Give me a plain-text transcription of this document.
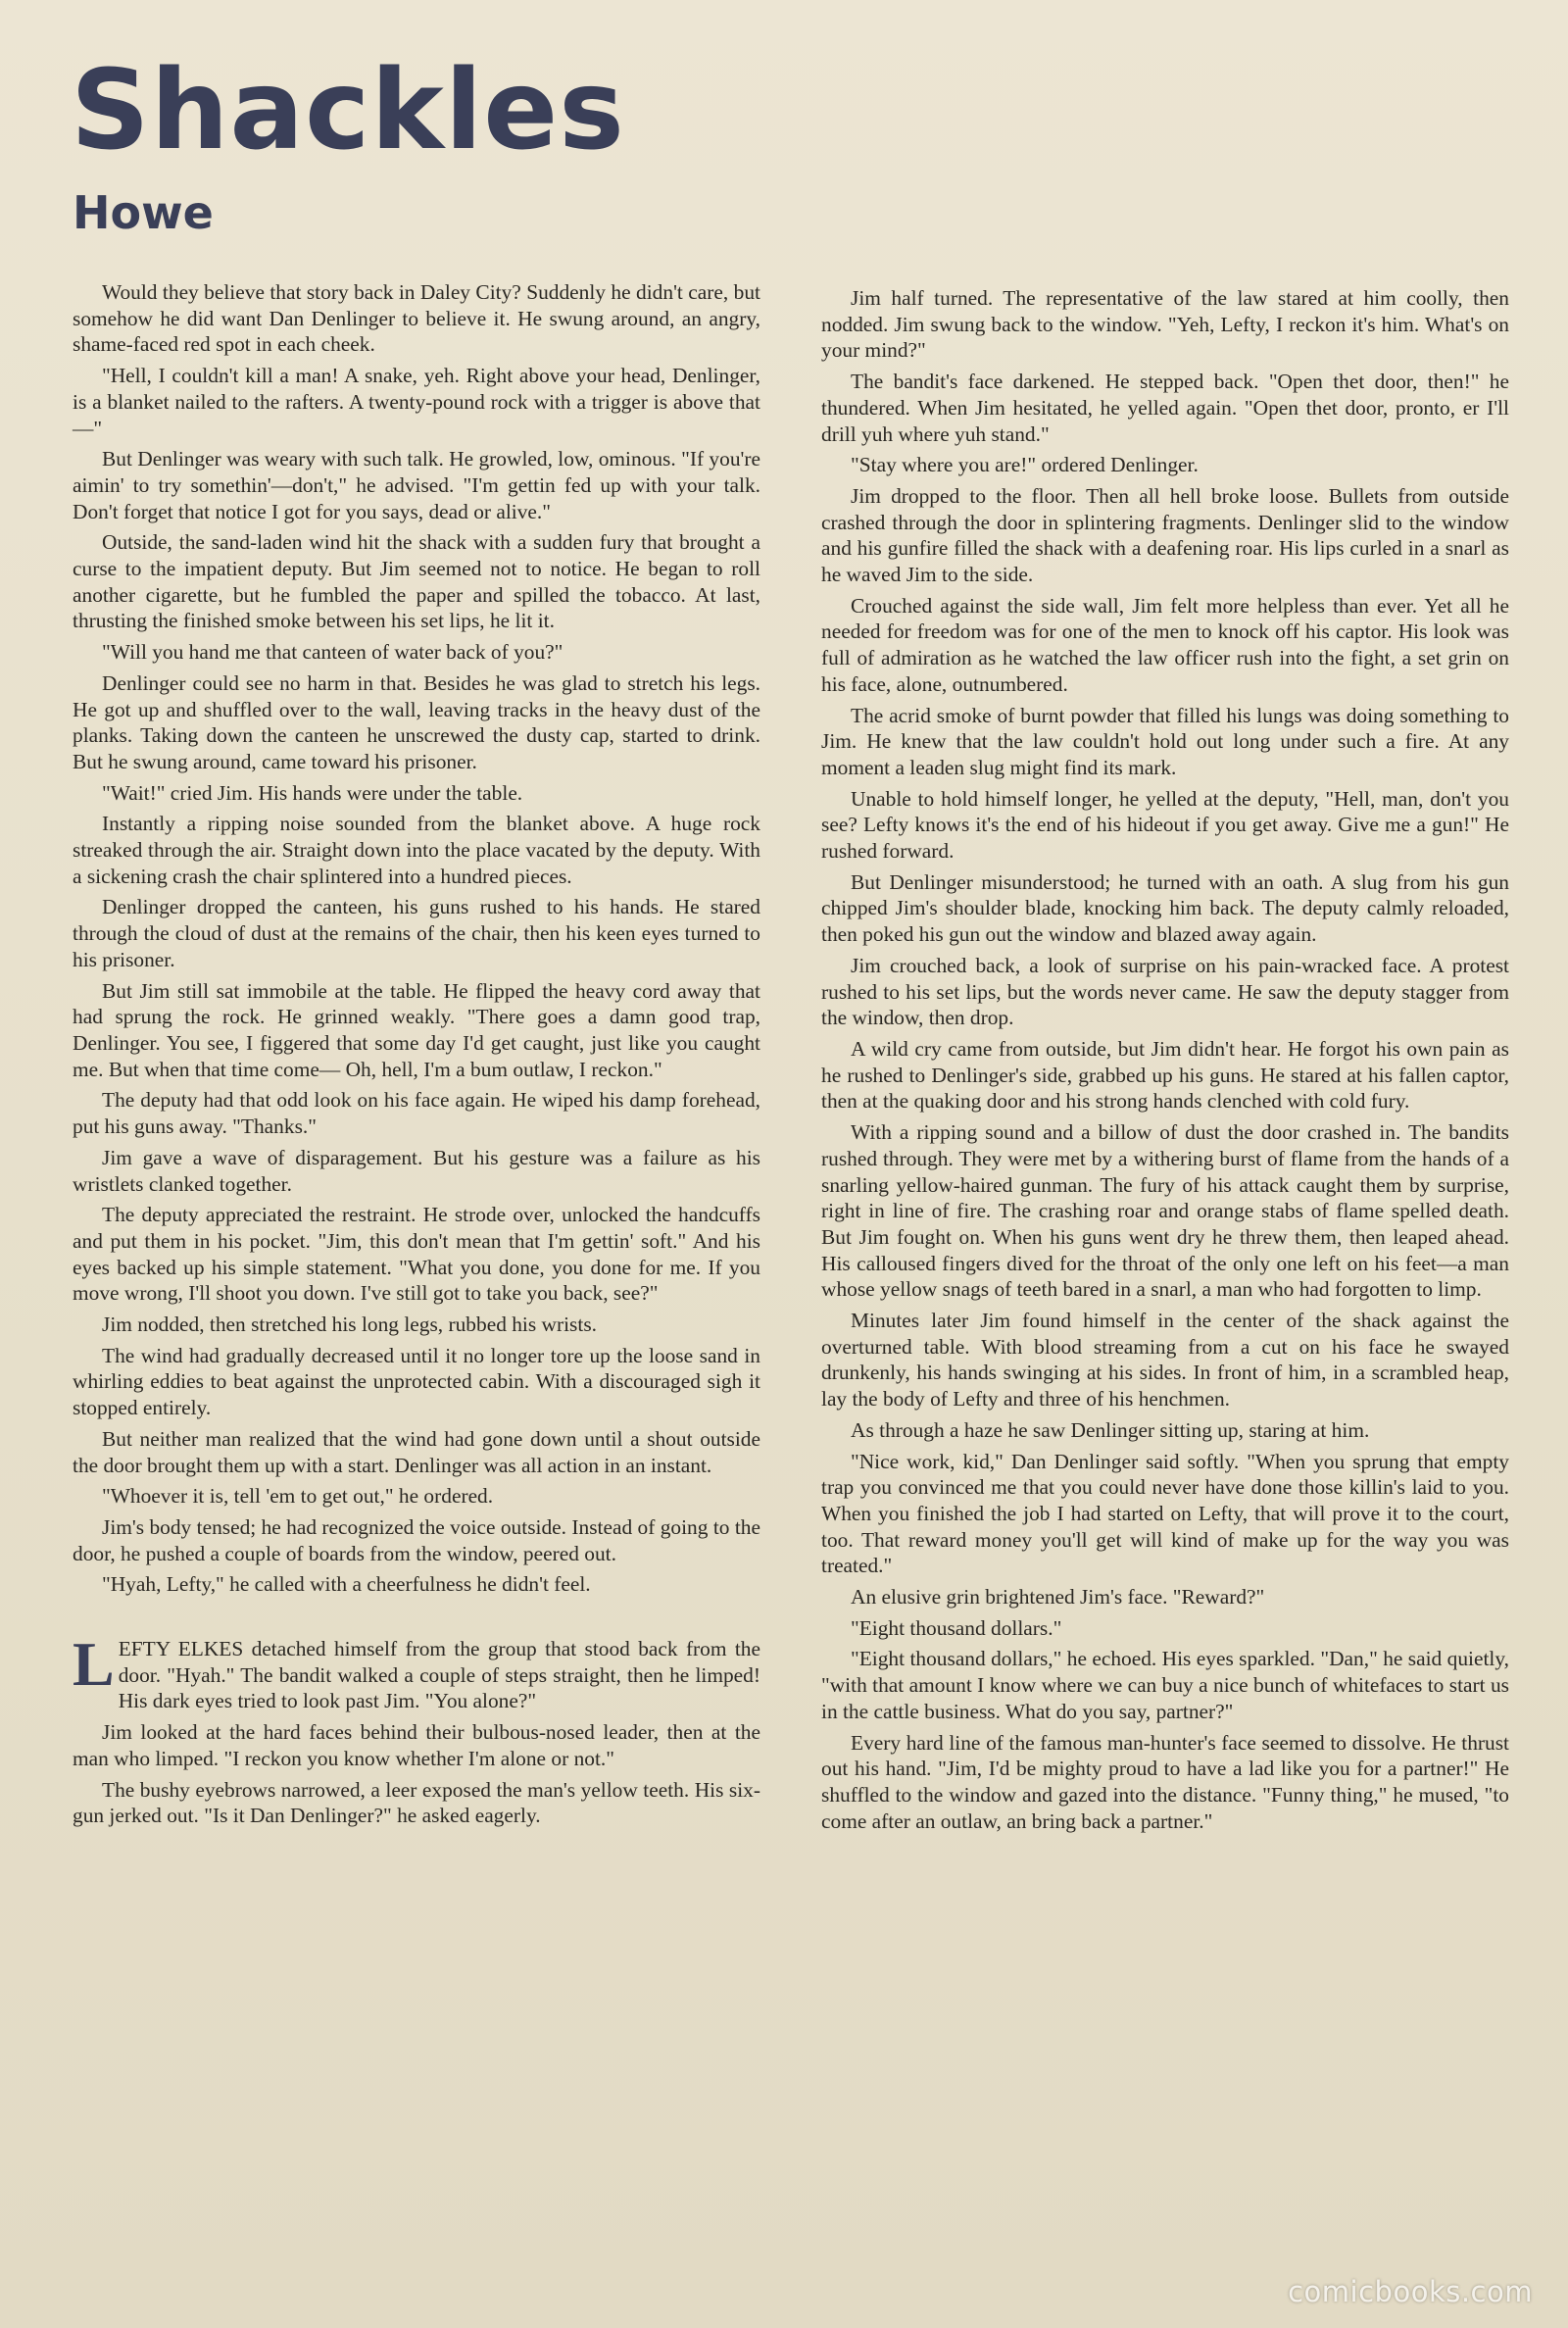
Shackles
Howe

Would they believe that story back in Daley City? Suddenly he didn't care, but somehow he did want Dan Denlinger to believe it. He swung around, an angry, shame-faced red spot in each cheek.

"Hell, I couldn't kill a man! A snake, yeh. Right above your head, Denlinger, is a blanket nailed to the rafters. A twenty-pound rock with a trigger is above that—"

But Denlinger was weary with such talk. He growled, low, ominous. "If you're aimin' to try somethin'—don't," he advised. "I'm gettin fed up with your talk. Don't forget that notice I got for you says, dead or alive."

Outside, the sand-laden wind hit the shack with a sudden fury that brought a curse to the impatient deputy. But Jim seemed not to notice. He began to roll another cigarette, but he fumbled the paper and spilled the tobacco. At last, thrusting the finished smoke between his set lips, he lit it.

"Will you hand me that canteen of water back of you?"

Denlinger could see no harm in that. Besides he was glad to stretch his legs. He got up and shuffled over to the wall, leaving tracks in the heavy dust of the planks. Taking down the canteen he unscrewed the dusty cap, started to drink. But he swung around, came toward his prisoner.

"Wait!" cried Jim. His hands were under the table.

Instantly a ripping noise sounded from the blanket above. A huge rock streaked through the air. Straight down into the place vacated by the deputy. With a sickening crash the chair splintered into a hundred pieces.

Denlinger dropped the canteen, his guns rushed to his hands. He stared through the cloud of dust at the remains of the chair, then his keen eyes turned to his prisoner.

But Jim still sat immobile at the table. He flipped the heavy cord away that had sprung the rock. He grinned weakly. "There goes a damn good trap, Denlinger. You see, I figgered that some day I'd get caught, just like you caught me. But when that time come— Oh, hell, I'm a bum outlaw, I reckon."

The deputy had that odd look on his face again. He wiped his damp forehead, put his guns away. "Thanks."

Jim gave a wave of disparagement. But his gesture was a failure as his wristlets clanked together.

The deputy appreciated the restraint. He strode over, unlocked the handcuffs and put them in his pocket. "Jim, this don't mean that I'm gettin' soft." And his eyes backed up his simple statement. "What you done, you done for me. If you move wrong, I'll shoot you down. I've still got to take you back, see?"

Jim nodded, then stretched his long legs, rubbed his wrists.

The wind had gradually decreased until it no longer tore up the loose sand in whirling eddies to beat against the unprotected cabin. With a discouraged sigh it stopped entirely.

But neither man realized that the wind had gone down until a shout outside the door brought them up with a start. Denlinger was all action in an instant.

"Whoever it is, tell 'em to get out," he ordered.

Jim's body tensed; he had recognized the voice outside. Instead of going to the door, he pushed a couple of boards from the window, peered out.

"Hyah, Lefty," he called with a cheerfulness he didn't feel.

LEFTY ELKES detached himself from the group that stood back from the door. "Hyah." The bandit walked a couple of steps straight, then he limped! His dark eyes tried to look past Jim. "You alone?"

Jim looked at the hard faces behind their bulbous-nosed leader, then at the man who limped. "I reckon you know whether I'm alone or not."

The bushy eyebrows narrowed, a leer exposed the man's yellow teeth. His six-gun jerked out. "Is it Dan Denlinger?" he asked eagerly.

Jim half turned. The representative of the law stared at him coolly, then nodded. Jim swung back to the window. "Yeh, Lefty, I reckon it's him. What's on your mind?"

The bandit's face darkened. He stepped back. "Open thet door, then!" he thundered. When Jim hesitated, he yelled again. "Open thet door, pronto, er I'll drill yuh where yuh stand."

"Stay where you are!" ordered Denlinger.

Jim dropped to the floor. Then all hell broke loose. Bullets from outside crashed through the door in splintering fragments. Denlinger slid to the window and his gunfire filled the shack with a deafening roar. His lips curled in a snarl as he waved Jim to the side.

Crouched against the side wall, Jim felt more helpless than ever. Yet all he needed for freedom was for one of the men to knock off his captor. His look was full of admiration as he watched the law officer rush into the fight, a set grin on his face, alone, outnumbered.

The acrid smoke of burnt powder that filled his lungs was doing something to Jim. He knew that the law couldn't hold out long under such a fire. At any moment a leaden slug might find its mark.

Unable to hold himself longer, he yelled at the deputy, "Hell, man, don't you see? Lefty knows it's the end of his hideout if you get away. Give me a gun!" He rushed forward.

But Denlinger misunderstood; he turned with an oath. A slug from his gun chipped Jim's shoulder blade, knocking him back. The deputy calmly reloaded, then poked his gun out the window and blazed away again.

Jim crouched back, a look of surprise on his pain-wracked face. A protest rushed to his set lips, but the words never came. He saw the deputy stagger from the window, then drop.

A wild cry came from outside, but Jim didn't hear. He forgot his own pain as he rushed to Denlinger's side, grabbed up his guns. He stared at his fallen captor, then at the quaking door and his strong hands clenched with cold fury.

With a ripping sound and a billow of dust the door crashed in. The bandits rushed through. They were met by a withering burst of flame from the hands of a snarling yellow-haired gunman. The fury of his attack caught them by surprise, right in line of fire. The crashing roar and orange stabs of flame spelled death. But Jim fought on. When his guns went dry he threw them, then leaped ahead. His calloused fingers dived for the throat of the only one left on his feet—a man whose yellow snags of teeth bared in a snarl, a man who had forgotten to limp.

Minutes later Jim found himself in the center of the shack against the overturned table. With blood streaming from a cut on his face he swayed drunkenly, his hands swinging at his sides. In front of him, in a scrambled heap, lay the body of Lefty and three of his henchmen.

As through a haze he saw Denlinger sitting up, staring at him.

"Nice work, kid," Dan Denlinger said softly. "When you sprung that empty trap you convinced me that you could never have done those killin's laid to you. When you finished the job I had started on Lefty, that will prove it to the court, too. That reward money you'll get will kind of make up for the way you was treated."

An elusive grin brightened Jim's face. "Reward?"

"Eight thousand dollars."

"Eight thousand dollars," he echoed. His eyes sparkled. "Dan," he said quietly, "with that amount I know where we can buy a nice bunch of whitefaces to start us in the cattle business. What do you say, partner?"

Every hard line of the famous man-hunter's face seemed to dissolve. He thrust out his hand. "Jim, I'd be mighty proud to have a lad like you for a partner!" He shuffled to the window and gazed into the distance. "Funny thing," he mused, "to come after an outlaw, an bring back a partner."

comicbooks.com
